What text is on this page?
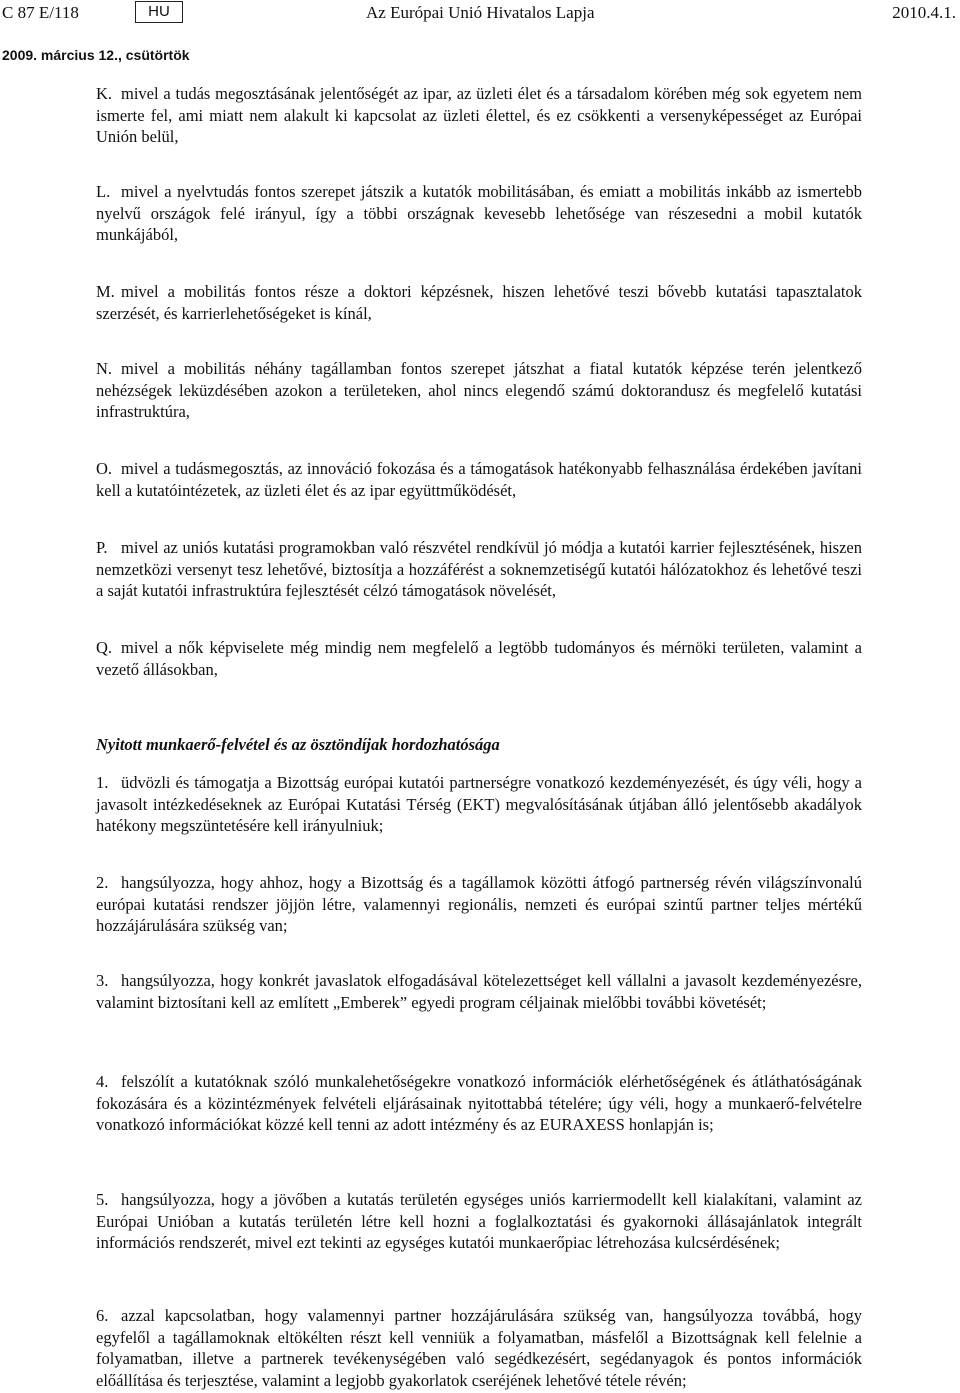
C 87 E/118	HU	Az Európai Unió Hivatalos Lapja	2010.4.1.
2009. március 12., csütörtök
K. mivel a tudás megosztásának jelentőségét az ipar, az üzleti élet és a társadalom körében még sok egyetem nem ismerte fel, ami miatt nem alakult ki kapcsolat az üzleti élettel, és ez csökkenti a versenyképességet az Európai Unión belül,
L. mivel a nyelvtudás fontos szerepet játszik a kutatók mobilitásában, és emiatt a mobilitás inkább az ismertebb nyelvű országok felé irányul, így a többi országnak kevesebb lehetősége van részesedni a mobil kutatók munkájából,
M. mivel a mobilitás fontos része a doktori képzésnek, hiszen lehetővé teszi bővebb kutatási tapasztalatok szerzését, és karrierlehetőségeket is kínál,
N. mivel a mobilitás néhány tagállamban fontos szerepet játszhat a fiatal kutatók képzése terén jelentkező nehézségek leküzdésében azokon a területeken, ahol nincs elegendő számú doktorandusz és megfelelő kutatási infrastruktúra,
O. mivel a tudásmegosztás, az innováció fokozása és a támogatások hatékonyabb felhasználása érdekében javítani kell a kutatóintézetek, az üzleti élet és az ipar együttműködését,
P. mivel az uniós kutatási programokban való részvétel rendkívül jó módja a kutatói karrier fejlesztésének, hiszen nemzetközi versenyt tesz lehetővé, biztosítja a hozzáférést a soknemzetiségű kutatói hálózatokhoz és lehetővé teszi a saját kutatói infrastruktúra fejlesztését célzó támogatások növelését,
Q. mivel a nők képviselete még mindig nem megfelelő a legtöbb tudományos és mérnöki területen, valamint a vezető állásokban,
Nyitott munkaerő-felvétel és az ösztöndíjak hordozhatósága
1. üdvözli és támogatja a Bizottság európai kutatói partnerségre vonatkozó kezdeményezését, és úgy véli, hogy a javasolt intézkedéseknek az Európai Kutatási Térség (EKT) megvalósításának útjában álló jelentősebb akadályok hatékony megszüntetésére kell irányulniuk;
2. hangsúlyozza, hogy ahhoz, hogy a Bizottság és a tagállamok közötti átfogó partnerség révén világszínvonalú európai kutatási rendszer jöjjön létre, valamennyi regionális, nemzeti és európai szintű partner teljes mértékű hozzájárulására szükség van;
3. hangsúlyozza, hogy konkrét javaslatok elfogadásával kötelezettséget kell vállalni a javasolt kezdeményezésre, valamint biztosítani kell az említett „Emberek” egyedi program céljainak mielőbbi további követését;
4. felszólít a kutatóknak szóló munkalehetőségekre vonatkozó információk elérhetőségének és átláthatóságának fokozására és a közintézmények felvételi eljárásainak nyitottabbá tételére; úgy véli, hogy a munkaerő-felvételre vonatkozó információkat közzé kell tenni az adott intézmény és az EURAXESS honlapján is;
5. hangsúlyozza, hogy a jövőben a kutatás területén egységes uniós karriermodellt kell kialakítani, valamint az Európai Unióban a kutatás területén létre kell hozni a foglalkoztatási és gyakornoki állásajánlatok integrált információs rendszerét, mivel ezt tekinti az egységes kutatói munkaerőpiac létrehozása kulcsérdésének;
6. azzal kapcsolatban, hogy valamennyi partner hozzájárulására szükség van, hangsúlyozza továbbá, hogy egyfelől a tagállamoknak eltökélten részt kell venniük a folyamatban, másfelől a Bizottságnak kell felelnie a folyamatban, illetve a partnerek tevékenységében való segédkezésért, segédanyagok és pontos információk előállítása és terjesztése, valamint a legjobb gyakorlatok cseréjének lehetővé tétele révén;
